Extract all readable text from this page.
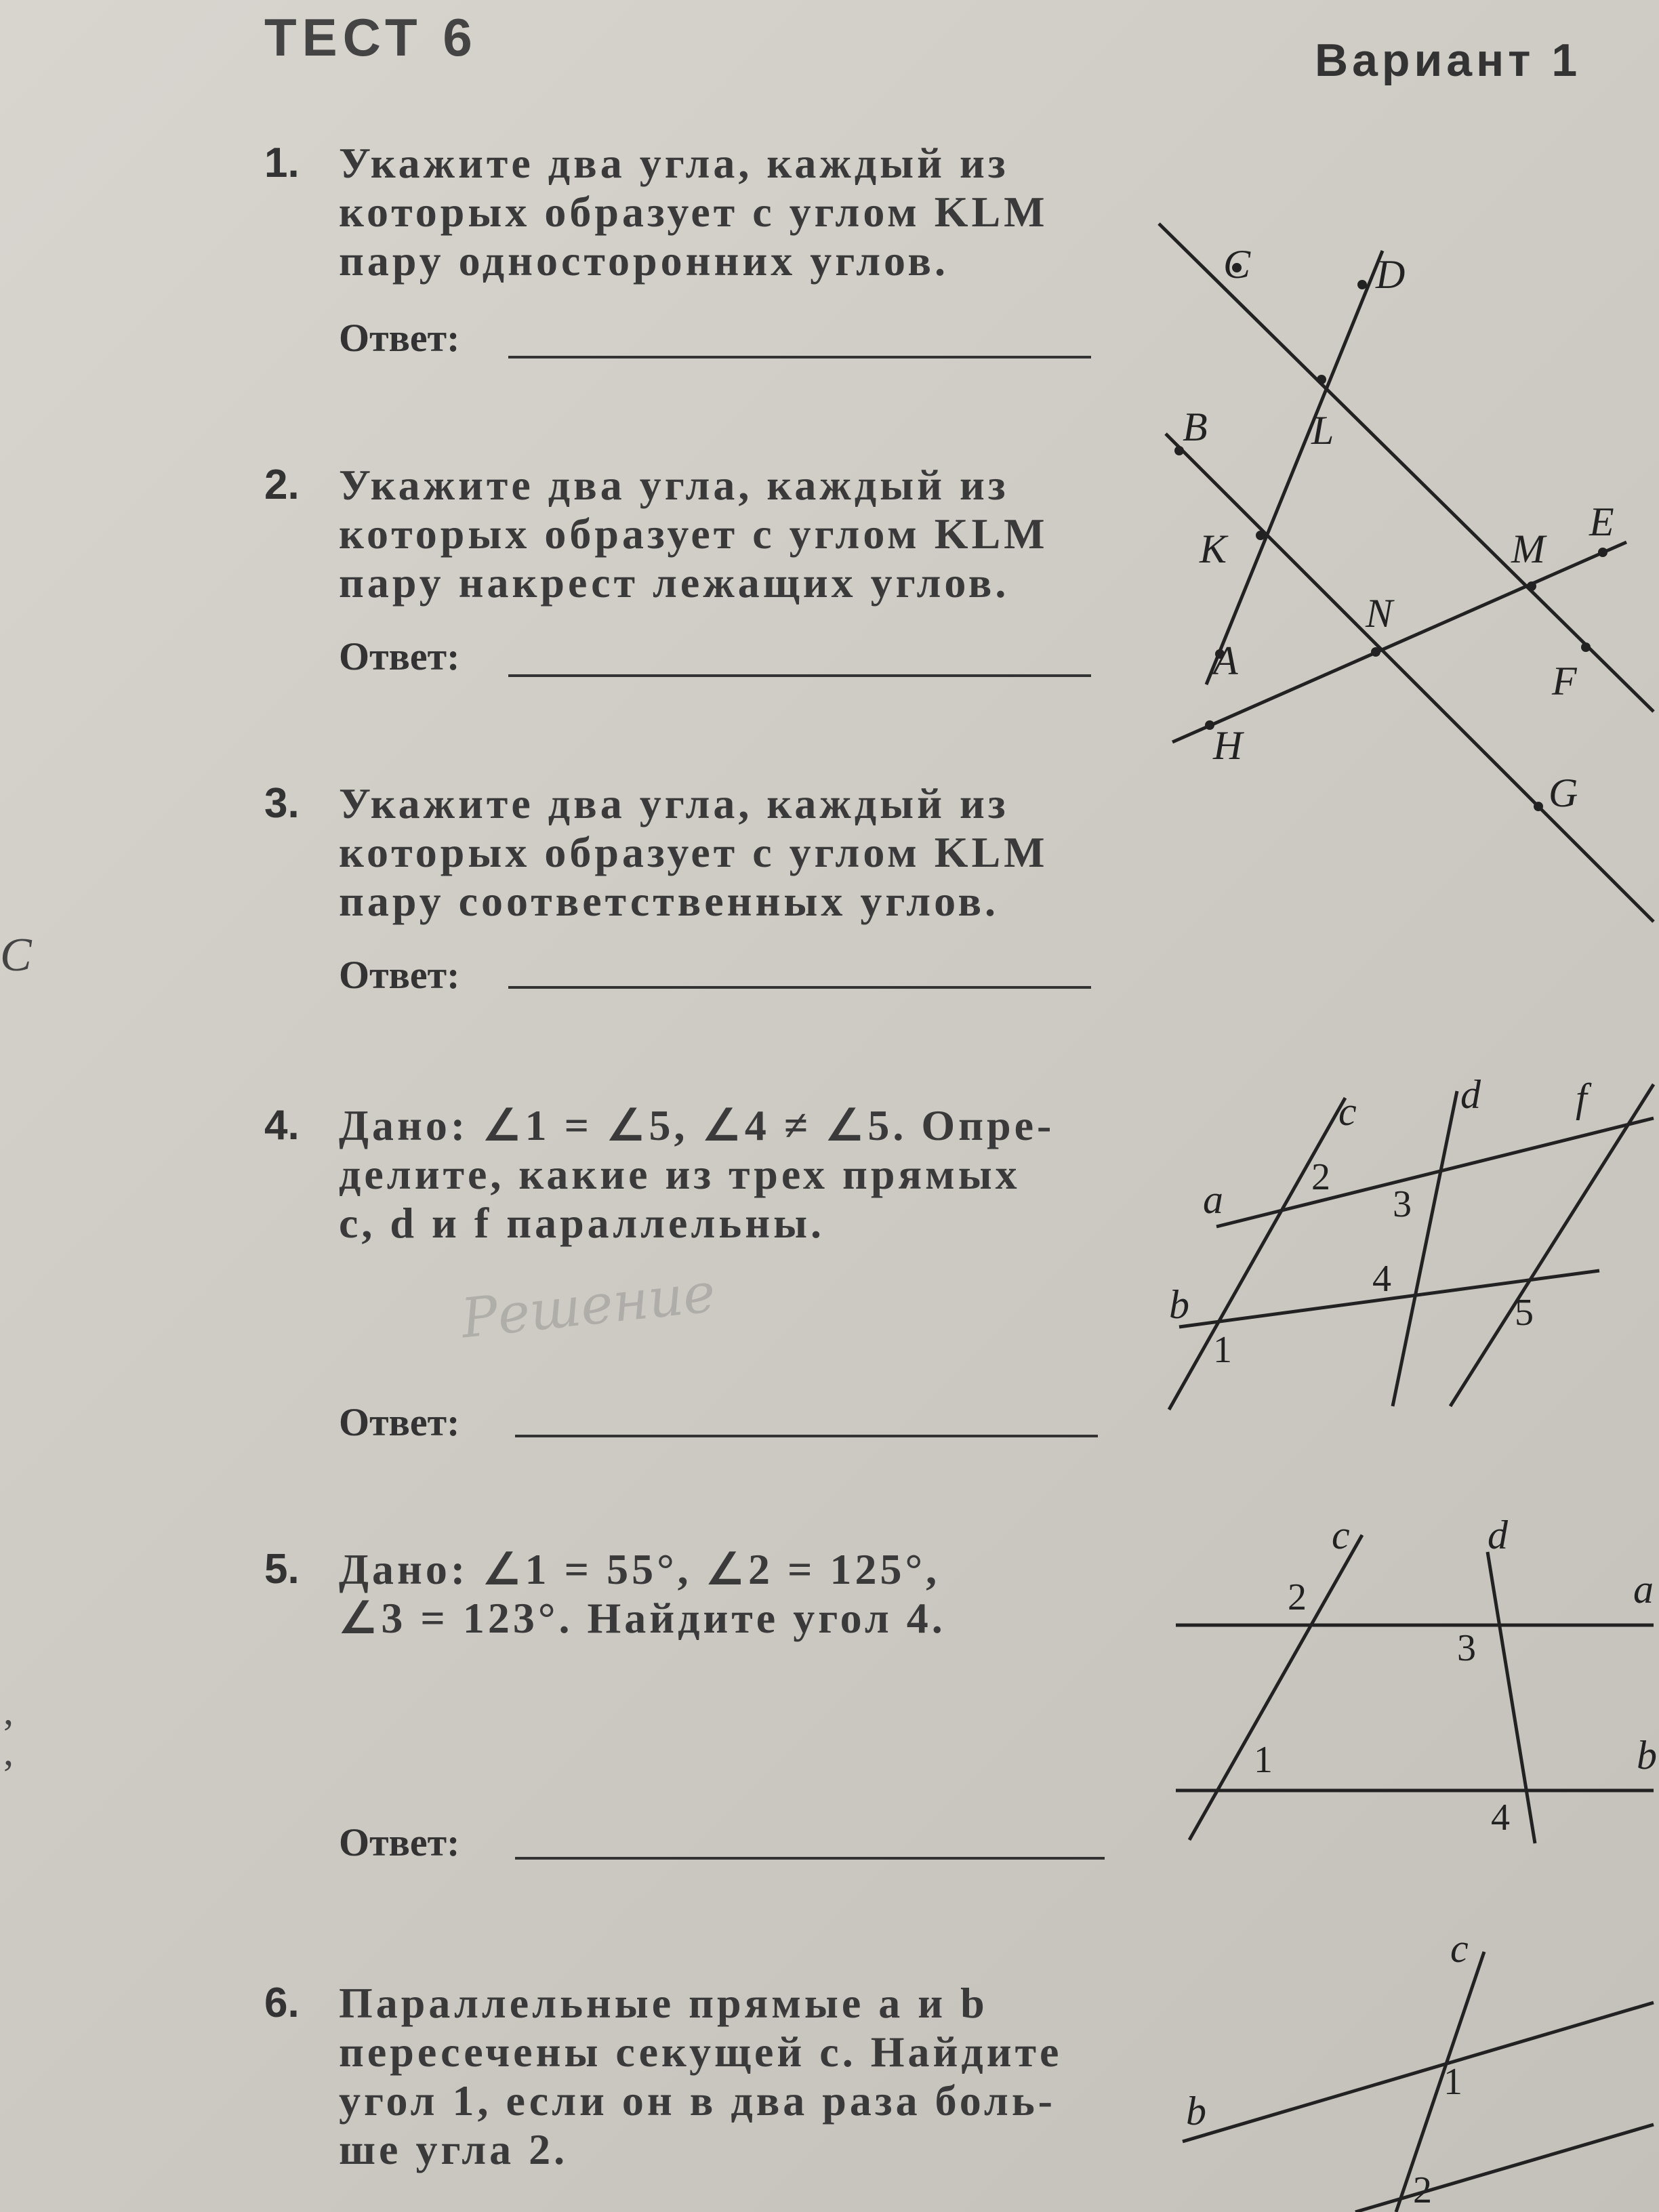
ТЕСТ 6	Вариант 1
C
,
,
1. Укажите два угла, каждый из
которых образует с углом KLM
пару односторонних углов.
Ответ:
2. Укажите два угла, каждый из
которых образует с углом KLM
пару накрест лежащих углов.
Ответ:
3. Укажите два угла, каждый из
которых образует с углом KLM
пару соответственных углов.
Ответ:
4. Дано: ∠1 = ∠5, ∠4 ≠ ∠5. Опре-
делите, какие из трех прямых
c, d и f параллельны.
Ответ:
Решение
5. Дано: ∠1 = 55°, ∠2 = 125°,
∠3 = 123°. Найдите угол 4.
Ответ:
6. Параллельные прямые a и b
пересечены секущей c. Найдите
угол 1, если он в два раза боль-
ше угла 2.
C	D
B	L
K	M
E
N
A	F
H
G
c	d f
a
b
2
3
4
5
1
c	d
a
b
2
3
1
4
c
b
1
2
